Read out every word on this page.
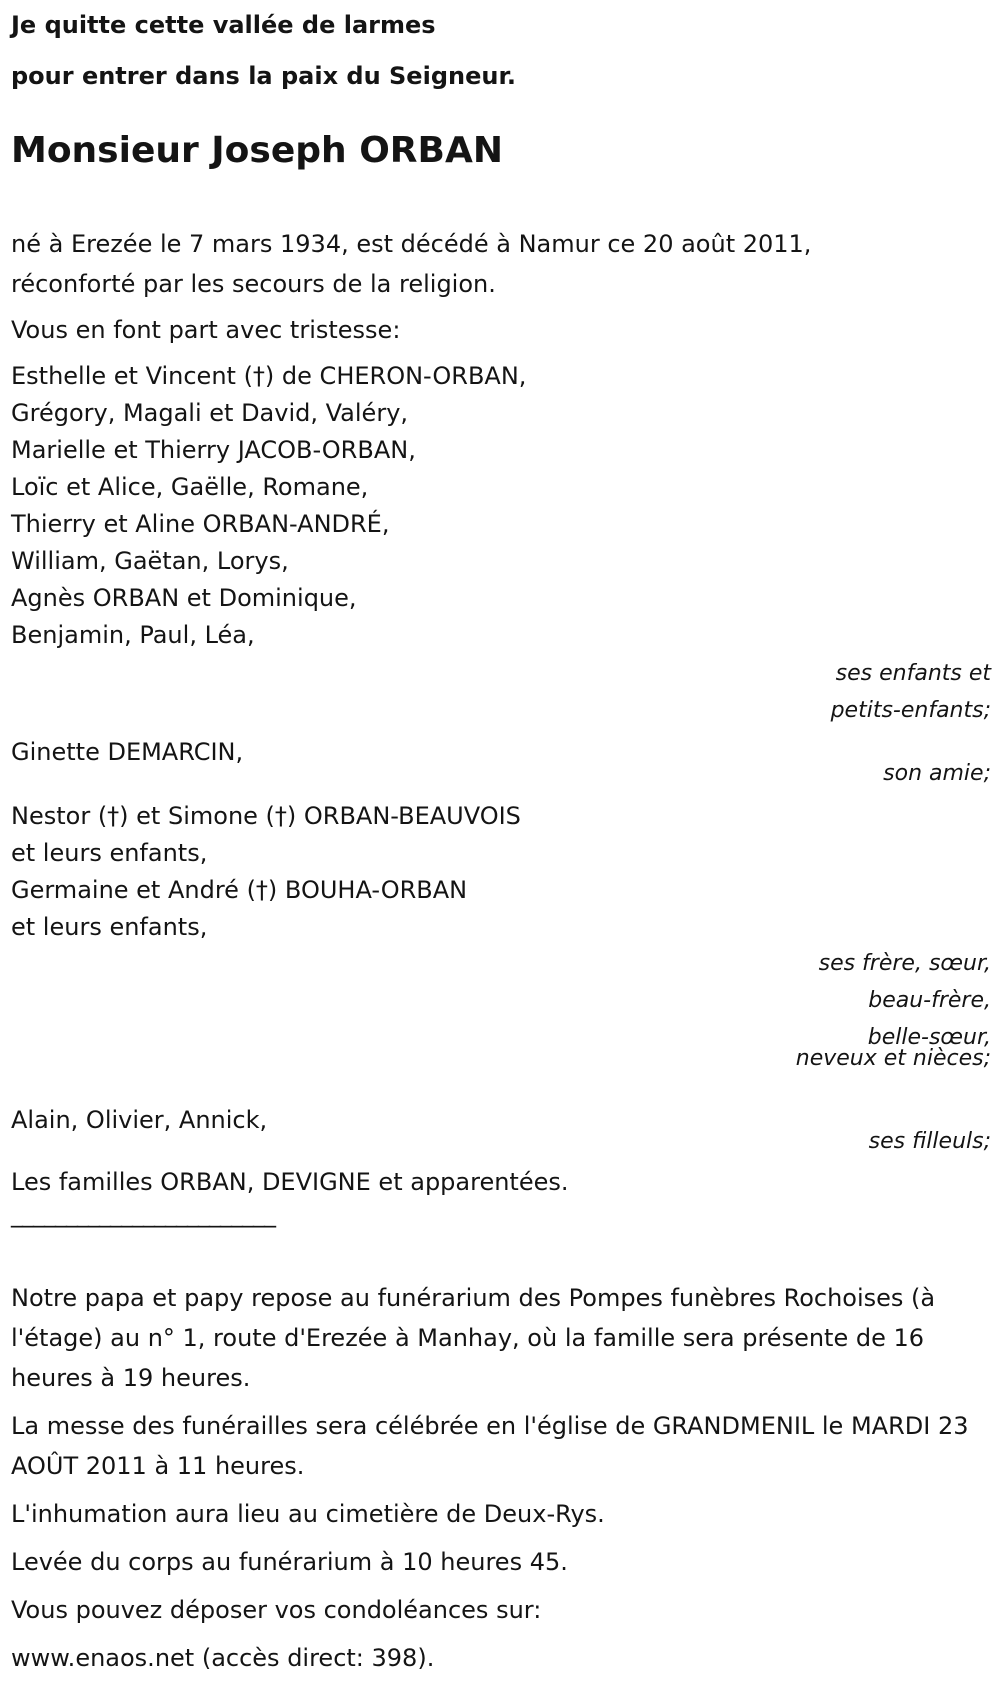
Je quitte cette vallée de larmes
pour entrer dans la paix du Seigneur.
Monsieur Joseph ORBAN
né à Erezée le 7 mars 1934, est décédé à Namur ce 20 août 2011,
réconforté par les secours de la religion.
Vous en font part avec tristesse:
Esthelle et Vincent (†) de CHERON-ORBAN,
Grégory, Magali et David, Valéry,
Marielle et Thierry JACOB-ORBAN,
Loïc et Alice, Gaëlle, Romane,
Thierry et Aline ORBAN-ANDRÉ,
William, Gaëtan, Lorys,
Agnès ORBAN et Dominique,
Benjamin, Paul, Léa,
ses enfants et
petits-enfants;
Ginette DEMARCIN,
son amie;
Nestor (†) et Simone (†) ORBAN-BEAUVOIS
et leurs enfants,
Germaine et André (†) BOUHA-ORBAN
et leurs enfants,
ses frère, sœur,
beau-frère,
belle-sœur,
neveux et nièces;
Alain, Olivier, Annick,
ses filleuls;
Les familles ORBAN, DEVIGNE et apparentées.
________________________
Notre papa et papy repose au funérarium des Pompes funèbres Rochoises (à l'étage) au n° 1, route d'Erezée à Manhay, où la famille sera présente de 16 heures à 19 heures.
La messe des funérailles sera célébrée en l'église de GRANDMENIL le MARDI 23 AOÛT 2011 à 11 heures.
L'inhumation aura lieu au cimetière de Deux-Rys.
Levée du corps au funérarium à 10 heures 45.
Vous pouvez déposer vos condoléances sur:
www.enaos.net (accès direct: 398).
